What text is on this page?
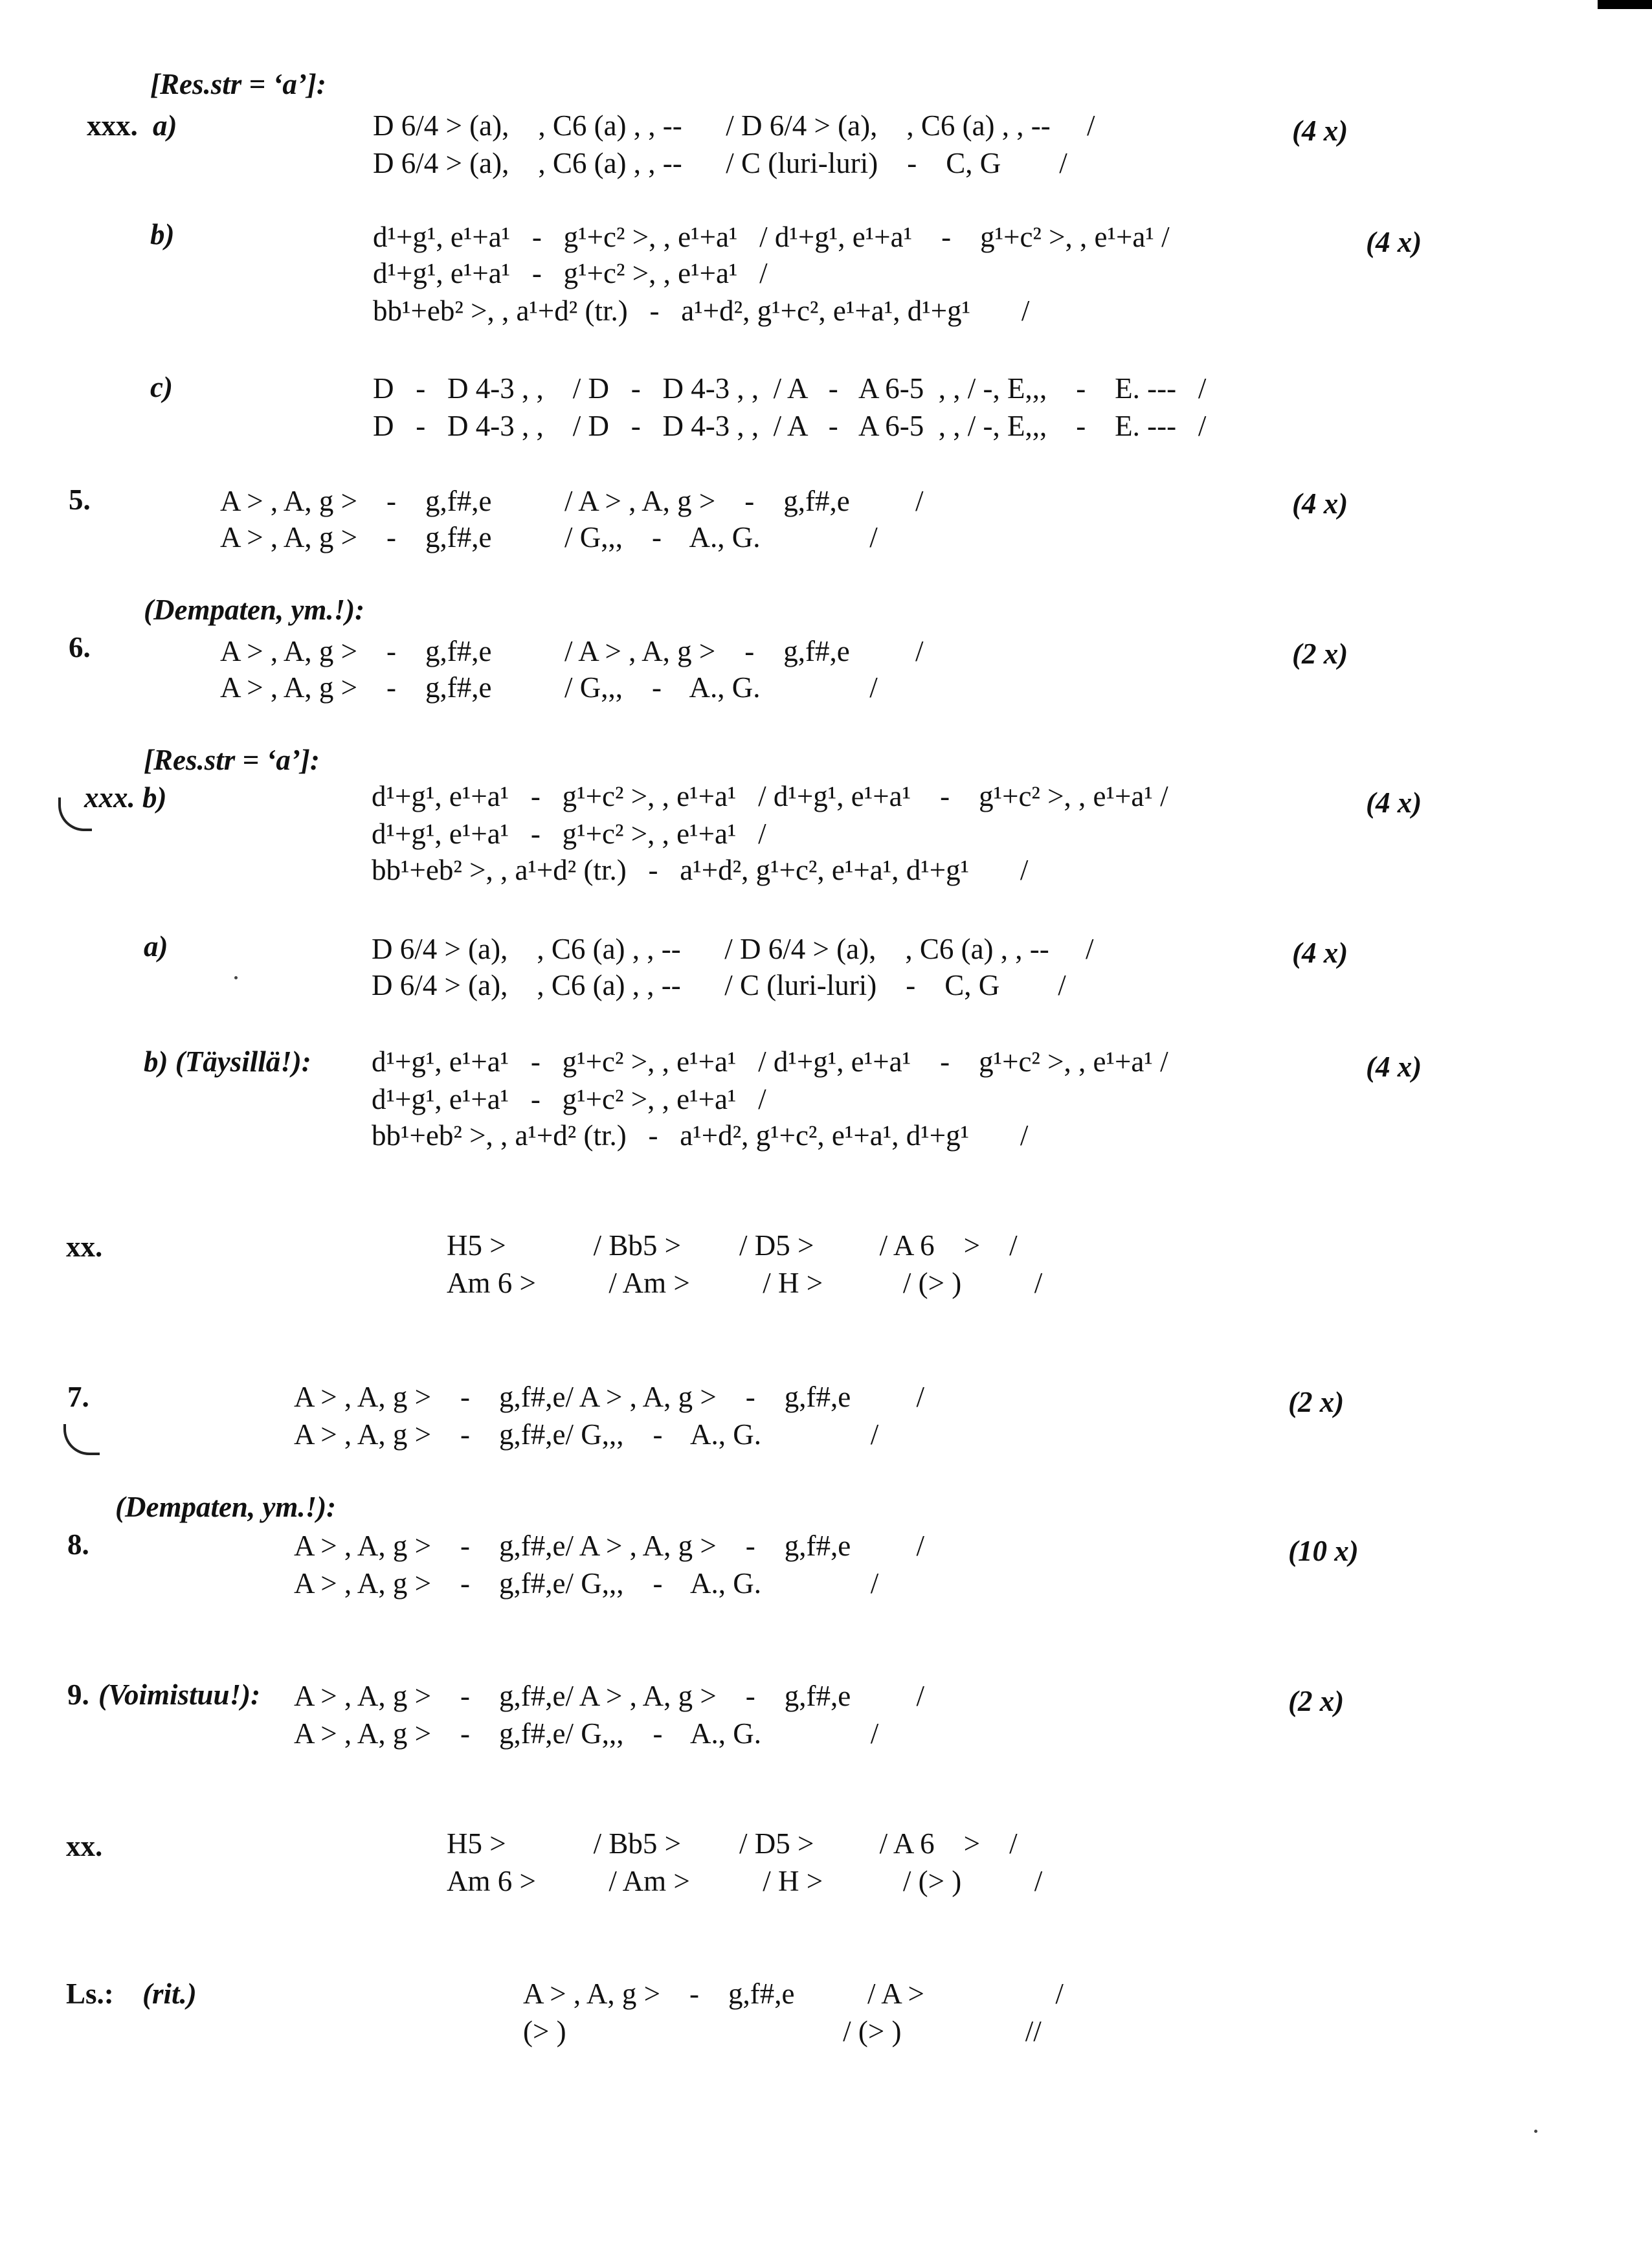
[Res.str = ‘a’]:
xxx. a)	D 6/4 > (a),    , C6 (a) , , --      / D 6/4 > (a),    , C6 (a) , , --     /
D 6/4 > (a),    , C6 (a) , , --      / C (luri-luri)    -    C, G        /
(4 x)
b)	d¹+g¹, e¹+a¹   -   g¹+c² >, , e¹+a¹   / d¹+g¹, e¹+a¹    -    g¹+c² >, , e¹+a¹ /
d¹+g¹, e¹+a¹   -   g¹+c² >, , e¹+a¹   /
bb¹+eb² >, , a¹+d² (tr.)   -   a¹+d², g¹+c², e¹+a¹, d¹+g¹       /
(4 x)
c)	D   -   D 4-3 , ,    / D   -   D 4-3 , ,  / A   -   A 6-5  , , / -, E,,,    -    E. ---   /
D   -   D 4-3 , ,    / D   -   D 4-3 , ,  / A   -   A 6-5  , , / -, E,,,    -    E. ---   /
5.	A > , A, g >    -    g,f#,e          / A > , A, g >    -    g,f#,e         /
A > , A, g >    -    g,f#,e          / G,,,    -    A., G.               /
(4 x)
(Dempaten, ym.!):
6.	A > , A, g >    -    g,f#,e          / A > , A, g >    -    g,f#,e         /
A > , A, g >    -    g,f#,e          / G,,,    -    A., G.               /
(2 x)
[Res.str = ‘a’]:
xxx. b)	d¹+g¹, e¹+a¹   -   g¹+c² >, , e¹+a¹   / d¹+g¹, e¹+a¹    -    g¹+c² >, , e¹+a¹ /
d¹+g¹, e¹+a¹   -   g¹+c² >, , e¹+a¹   /
bb¹+eb² >, , a¹+d² (tr.)   -   a¹+d², g¹+c², e¹+a¹, d¹+g¹       /
(4 x)
a)	D 6/4 > (a),    , C6 (a) , , --      / D 6/4 > (a),    , C6 (a) , , --     /
D 6/4 > (a),    , C6 (a) , , --      / C (luri-luri)    -    C, G        /
(4 x)
b) (Täysillä!): d¹+g¹, e¹+a¹   -   g¹+c² >, , e¹+a¹   / d¹+g¹, e¹+a¹    -    g¹+c² >, , e¹+a¹ /
d¹+g¹, e¹+a¹   -   g¹+c² >, , e¹+a¹   /
bb¹+eb² >, , a¹+d² (tr.)   -   a¹+d², g¹+c², e¹+a¹, d¹+g¹       /
(4 x)
xx.	H5 >            / Bb5 >        / D5 >         / A 6    >    /
Am 6 >          / Am >          / H >           / (> )          /
7.	A > , A, g >    -    g,f#,e/ A > , A, g >    -    g,f#,e         /
A > , A, g >    -    g,f#,e/ G,,,    -    A., G.               /
(2 x)
(Dempaten, ym.!):
8.	A > , A, g >    -    g,f#,e/ A > , A, g >    -    g,f#,e         /
A > , A, g >    -    g,f#,e/ G,,,    -    A., G.               /
(10 x)
9. (Voimistuu!): A > , A, g >    -    g,f#,e/ A > , A, g >    -    g,f#,e         /
A > , A, g >    -    g,f#,e/ G,,,    -    A., G.               /
(2 x)
xx.	H5 >            / Bb5 >        / D5 >         / A 6    >    /
Am 6 >          / Am >          / H >           / (> )          /
Ls.: (rit.)	A > , A, g >    -    g,f#,e          / A >                  /
(> )                                      / (> )                 //
